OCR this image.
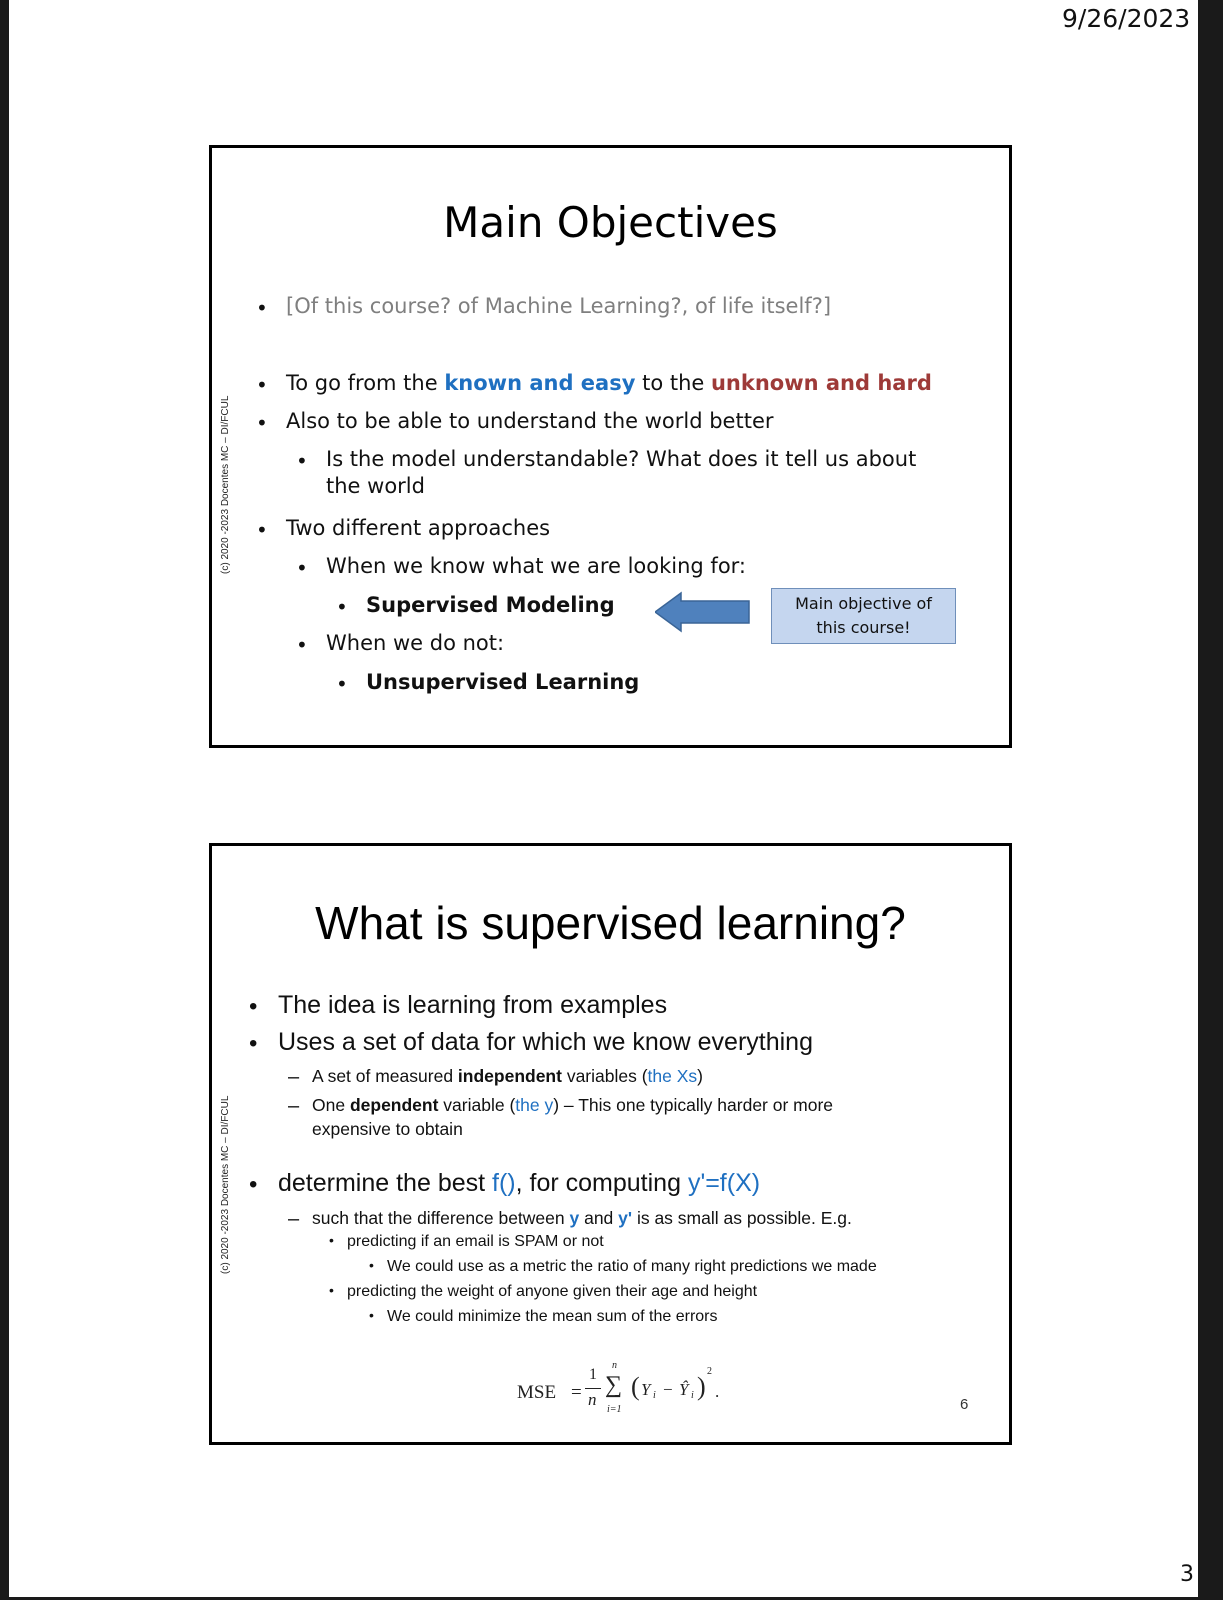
9/26/2023
(c) 2020 -2023 Docentes MC – DI/FCUL
Main Objectives
• [Of this course? of Machine Learning?, of life itself?]
• To go from the known and easy to the unknown and hard
• Also to be able to understand the world better
• Is the model understandable? What does it tell us about
the world
• Two different approaches
• When we know what we are looking for:
• Supervised Modeling	Main objective of
this course!
• When we do not:
• Unsupervised Learning
(c) 2020 -2023 Docentes MC – DI/FCUL
What is supervised learning?
• The idea is learning from examples
• Uses a set of data for which we know everything
– A set of measured independent variables (the Xs)
– One dependent variable (the y) – This one typically harder or more
expensive to obtain
• determine the best f(), for computing y'=f(X)
– such that the difference between y and y' is as small as possible. E.g.
• predicting if an email is SPAM or not
• We could use as a metric the ratio of many right predictions we made
• predicting the weight of anyone given their age and height
• We could minimize the mean sum of the errors
MSE =
1
n
n
∑
i=1
( Y i − Ŷ i )
2
.
6
3
